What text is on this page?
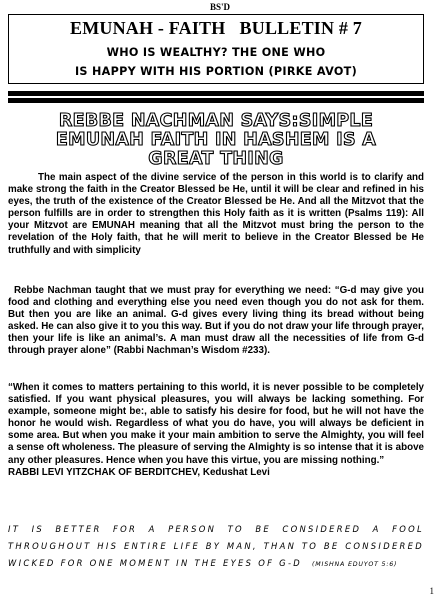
BS'D
EMUNAH - FAITH   BULLETIN # 7
WHO IS WEALTHY? THE ONE WHO
IS HAPPY WITH HIS PORTION (PIRKE AVOT)
REBBE NACHMAN SAYS:SIMPLE
EMUNAH FAITH IN HASHEM IS A
GREAT THING

The main aspect of the divine service of the person in this world is to clarify and make strong the faith in the Creator Blessed be He, until it will be clear and refined in his eyes, the truth of the existence of the Creator Blessed be He. And all the Mitzvot that the person fulfills are in order to strengthen this Holy faith as it is written (Psalms 119): All your Mitzvot are EMUNAH meaning that all the Mitzvot must bring the person to the revelation of the Holy faith, that he will merit to believe in the Creator Blessed be He truthfully and with simplicity

Rebbe Nachman taught that we must pray for everything we need: “G-d may give you food and clothing and everything else you need even though you do not ask for them. But then you are like an animal. G-d gives every living thing its bread without being asked. He can also give it to you this way. But if you do not draw your life through prayer, then your life is like an animal’s. A man must draw all the necessities of life from G-d through prayer alone” (Rabbi Nachman’s Wisdom #233).

“When it comes to matters pertaining to this world, it is never possible to be completely satisfied. If you want physical pleasures, you will always be lacking something. For example, someone might be:, able to satisfy his desire for food, but he will not have the honor he would wish. Regardless of what you do have, you will always be deficient in some area. But when you make it your main ambition to serve the Almighty, you will feel a sense oft wholeness. The pleasure of serving the Almighty is so intense that it is above any other pleasures. Hence when you have this virtue, you are missing nothing.”

RABBI LEVI YITZCHAK OF BERDITCHEV, Kedushat Levi

IT IS BETTER FOR A PERSON TO BE CONSIDERED A FOOL THROUGHOUT HIS ENTIRE LIFE BY MAN, THAN TO BE CONSIDERED WICKED FOR ONE MOMENT IN THE EYES OF G-D (MISHNA EDUYOT 5:6)

1
